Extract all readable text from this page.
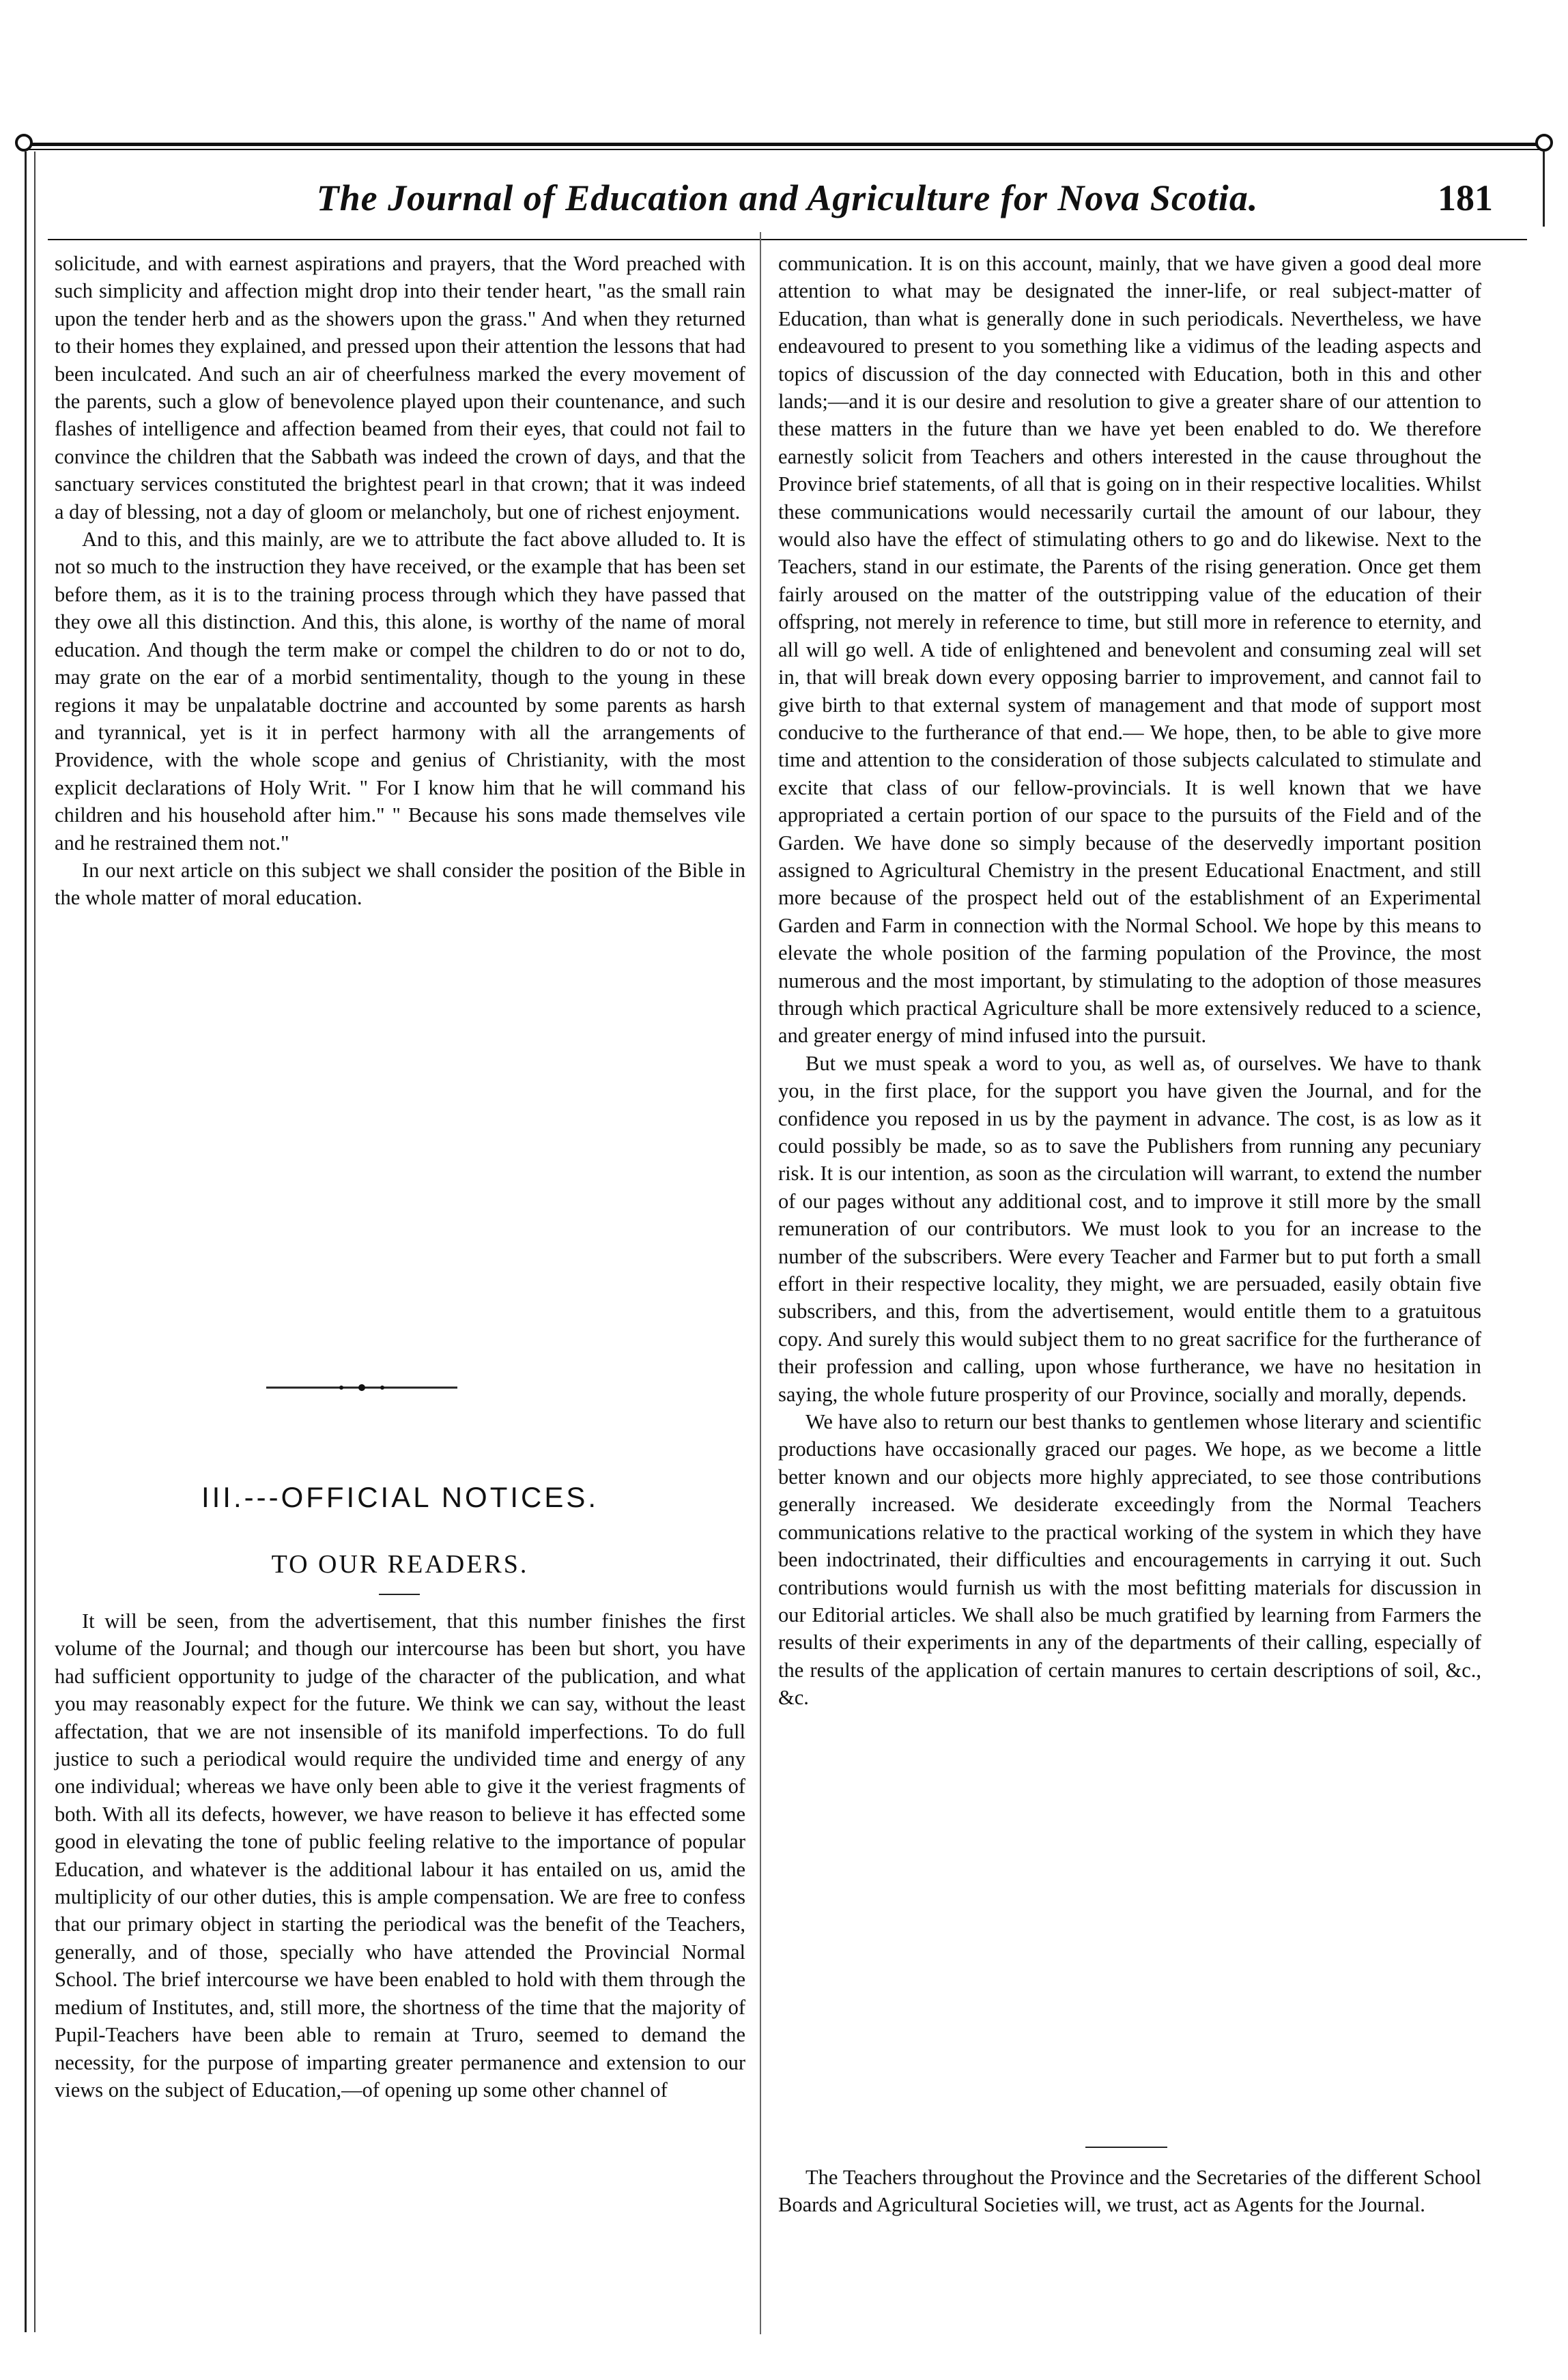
The Journal of Education and Agriculture for Nova Scotia.	181

solicitude, and with earnest aspirations and prayers, that the Word preached with such simplicity and affection might drop into their tender heart, "as the small rain upon the tender herb and as the showers upon the grass." And when they returned to their homes they explained, and pressed upon their attention the lessons that had been inculcated. And such an air of cheerfulness marked the every movement of the parents, such a glow of benevolence played upon their countenance, and such flashes of intelligence and affection beamed from their eyes, that could not fail to convince the children that the Sabbath was indeed the crown of days, and that the sanctuary services constituted the brightest pearl in that crown; that it was indeed a day of blessing, not a day of gloom or melancholy, but one of richest enjoyment.

And to this, and this mainly, are we to attribute the fact above alluded to. It is not so much to the instruction they have received, or the example that has been set before them, as it is to the training process through which they have passed that they owe all this distinction. And this, this alone, is worthy of the name of moral education. And though the term make or compel the children to do or not to do, may grate on the ear of a morbid sentimentality, though to the young in these regions it may be unpalatable doctrine and accounted by some parents as harsh and tyrannical, yet is it in perfect harmony with all the arrangements of Providence, with the whole scope and genius of Christianity, with the most explicit declarations of Holy Writ. " For I know him that he will command his children and his household after him." " Because his sons made themselves vile and he restrained them not."

In our next article on this subject we shall consider the position of the Bible in the whole matter of moral education.

III.---OFFICIAL NOTICES.
TO OUR READERS.

It will be seen, from the advertisement, that this number finishes the first volume of the Journal; and though our intercourse has been but short, you have had sufficient opportunity to judge of the character of the publication, and what you may reasonably expect for the future. We think we can say, without the least affectation, that we are not insensible of its manifold imperfections. To do full justice to such a periodical would require the undivided time and energy of any one individual; whereas we have only been able to give it the veriest fragments of both. With all its defects, however, we have reason to believe it has effected some good in elevating the tone of public feeling relative to the importance of popular Education, and whatever is the additional labour it has entailed on us, amid the multiplicity of our other duties, this is ample compensation. We are free to confess that our primary object in starting the periodical was the benefit of the Teachers, generally, and of those, specially who have attended the Provincial Normal School. The brief intercourse we have been enabled to hold with them through the medium of Institutes, and, still more, the shortness of the time that the majority of Pupil-Teachers have been able to remain at Truro, seemed to demand the necessity, for the purpose of imparting greater permanence and extension to our views on the subject of Education,—of opening up some other channel of

communication. It is on this account, mainly, that we have given a good deal more attention to what may be designated the inner-life, or real subject-matter of Education, than what is generally done in such periodicals. Nevertheless, we have endeavoured to present to you something like a vidimus of the leading aspects and topics of discussion of the day connected with Education, both in this and other lands;—and it is our desire and resolution to give a greater share of our attention to these matters in the future than we have yet been enabled to do. We therefore earnestly solicit from Teachers and others interested in the cause throughout the Province brief statements, of all that is going on in their respective localities. Whilst these communications would necessarily curtail the amount of our labour, they would also have the effect of stimulating others to go and do likewise. Next to the Teachers, stand in our estimate, the Parents of the rising generation. Once get them fairly aroused on the matter of the outstripping value of the education of their offspring, not merely in reference to time, but still more in reference to eternity, and all will go well. A tide of enlightened and benevolent and consuming zeal will set in, that will break down every opposing barrier to improvement, and cannot fail to give birth to that external system of management and that mode of support most conducive to the furtherance of that end.— We hope, then, to be able to give more time and attention to the consideration of those subjects calculated to stimulate and excite that class of our fellow-provincials. It is well known that we have appropriated a certain portion of our space to the pursuits of the Field and of the Garden. We have done so simply because of the deservedly important position assigned to Agricultural Chemistry in the present Educational Enactment, and still more because of the prospect held out of the establishment of an Experimental Garden and Farm in connection with the Normal School. We hope by this means to elevate the whole position of the farming population of the Province, the most numerous and the most important, by stimulating to the adoption of those measures through which practical Agriculture shall be more extensively reduced to a science, and greater energy of mind infused into the pursuit.

But we must speak a word to you, as well as, of ourselves. We have to thank you, in the first place, for the support you have given the Journal, and for the confidence you reposed in us by the payment in advance. The cost, is as low as it could possibly be made, so as to save the Publishers from running any pecuniary risk. It is our intention, as soon as the circulation will warrant, to extend the number of our pages without any additional cost, and to improve it still more by the small remuneration of our contributors. We must look to you for an increase to the number of the subscribers. Were every Teacher and Farmer but to put forth a small effort in their respective locality, they might, we are persuaded, easily obtain five subscribers, and this, from the advertisement, would entitle them to a gratuitous copy. And surely this would subject them to no great sacrifice for the furtherance of their profession and calling, upon whose furtherance, we have no hesitation in saying, the whole future prosperity of our Province, socially and morally, depends.

We have also to return our best thanks to gentlemen whose literary and scientific productions have occasionally graced our pages. We hope, as we become a little better known and our objects more highly appreciated, to see those contributions generally increased. We desiderate exceedingly from the Normal Teachers communications relative to the practical working of the system in which they have been indoctrinated, their difficulties and encouragements in carrying it out. Such contributions would furnish us with the most befitting materials for discussion in our Editorial articles. We shall also be much gratified by learning from Farmers the results of their experiments in any of the departments of their calling, especially of the results of the application of certain manures to certain descriptions of soil, &c., &c.

The Teachers throughout the Province and the Secretaries of the different School Boards and Agricultural Societies will, we trust, act as Agents for the Journal.
